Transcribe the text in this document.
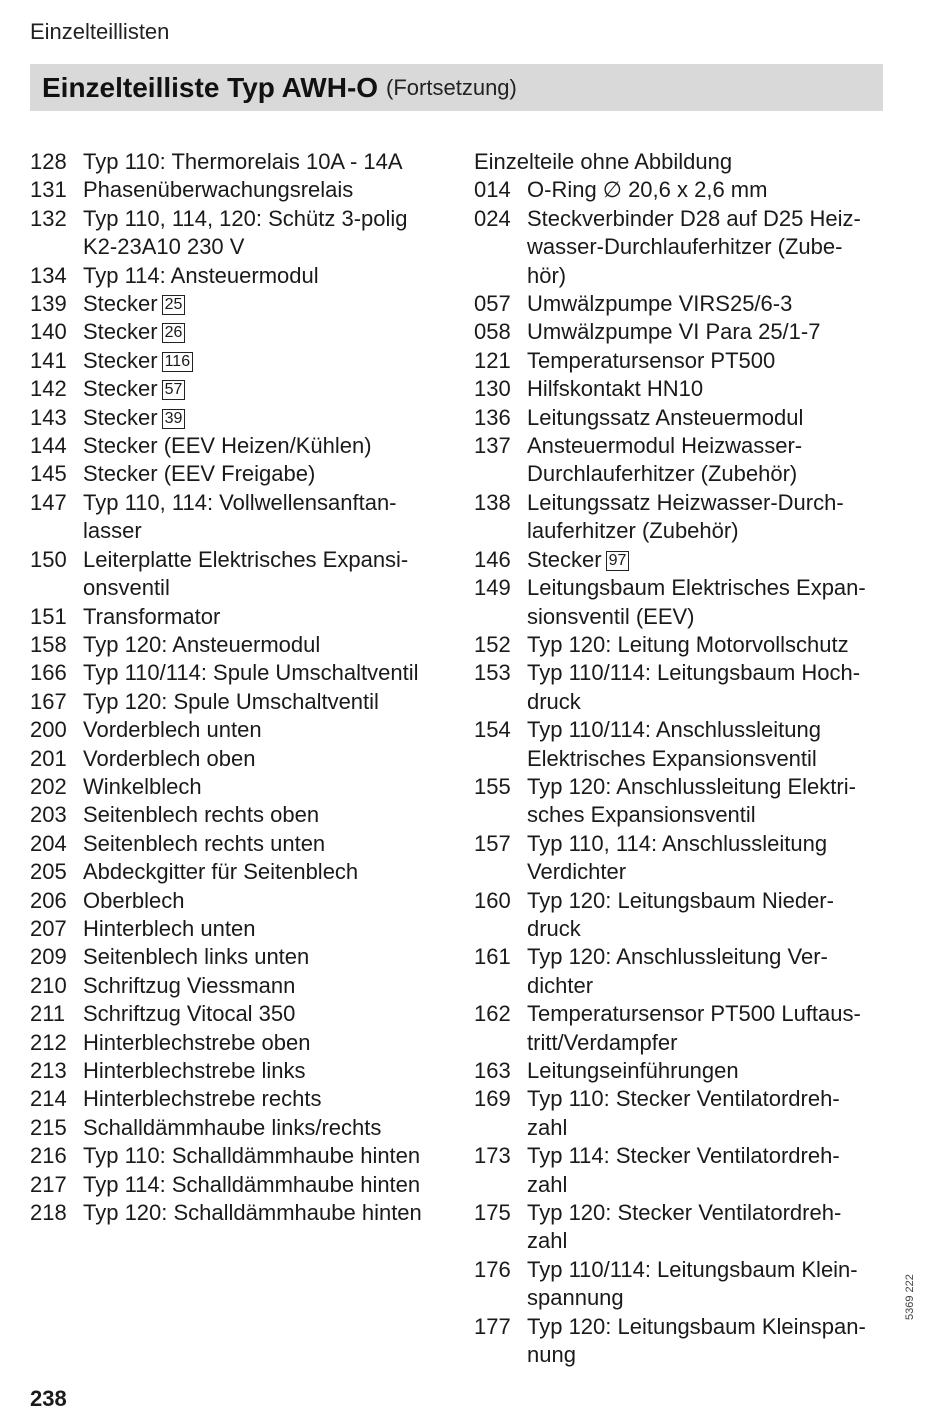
Einzelteillisten
Einzelteilliste Typ AWH-O (Fortsetzung)
128 Typ 110: Thermorelais 10A - 14A
131 Phasenüberwachungsrelais
132 Typ 110, 114, 120: Schütz 3-polig
K2-23A10 230 V
134 Typ 114: Ansteuermodul
139 Stecker 25
140 Stecker 26
141 Stecker 116
142 Stecker 57
143 Stecker 39
144 Stecker (EEV Heizen/Kühlen)
145 Stecker (EEV Freigabe)
147 Typ 110, 114: Vollwellensanftan-
lasser
150 Leiterplatte Elektrisches Expansi-
onsventil
151 Transformator
158 Typ 120: Ansteuermodul
166 Typ 110/114: Spule Umschaltventil
167 Typ 120: Spule Umschaltventil
200 Vorderblech unten
201 Vorderblech oben
202 Winkelblech
203 Seitenblech rechts oben
204 Seitenblech rechts unten
205 Abdeckgitter für Seitenblech
206 Oberblech
207 Hinterblech unten
209 Seitenblech links unten
210 Schriftzug Viessmann
211 Schriftzug Vitocal 350
212 Hinterblechstrebe oben
213 Hinterblechstrebe links
214 Hinterblechstrebe rechts
215 Schalldämmhaube links/rechts
216 Typ 110: Schalldämmhaube hinten
217 Typ 114: Schalldämmhaube hinten
218 Typ 120: Schalldämmhaube hinten
Einzelteile ohne Abbildung
014 O-Ring ∅ 20,6 x 2,6 mm
024 Steckverbinder D28 auf D25 Heiz-
wasser-Durchlauferhitzer (Zube-
hör)
057 Umwälzpumpe VIRS25/6-3
058 Umwälzpumpe VI Para 25/1-7
121 Temperatursensor PT500
130 Hilfskontakt HN10
136 Leitungssatz Ansteuermodul
137 Ansteuermodul Heizwasser-
Durchlauferhitzer (Zubehör)
138 Leitungssatz Heizwasser-Durch-
lauferhitzer (Zubehör)
146 Stecker 97
149 Leitungsbaum Elektrisches Expan-
sionsventil (EEV)
152 Typ 120: Leitung Motorvollschutz
153 Typ 110/114: Leitungsbaum Hoch-
druck
154 Typ 110/114: Anschlussleitung
Elektrisches Expansionsventil
155 Typ 120: Anschlussleitung Elektri-
sches Expansionsventil
157 Typ 110, 114: Anschlussleitung
Verdichter
160 Typ 120: Leitungsbaum Nieder-
druck
161 Typ 120: Anschlussleitung Ver-
dichter
162 Temperatursensor PT500 Luftaus-
tritt/Verdampfer
163 Leitungseinführungen
169 Typ 110: Stecker Ventilatordreh-
zahl
173 Typ 114: Stecker Ventilatordreh-
zahl
175 Typ 120: Stecker Ventilatordreh-
zahl
176 Typ 110/114: Leitungsbaum Klein-
spannung
177 Typ 120: Leitungsbaum Kleinspan-
nung
238
5369 222
